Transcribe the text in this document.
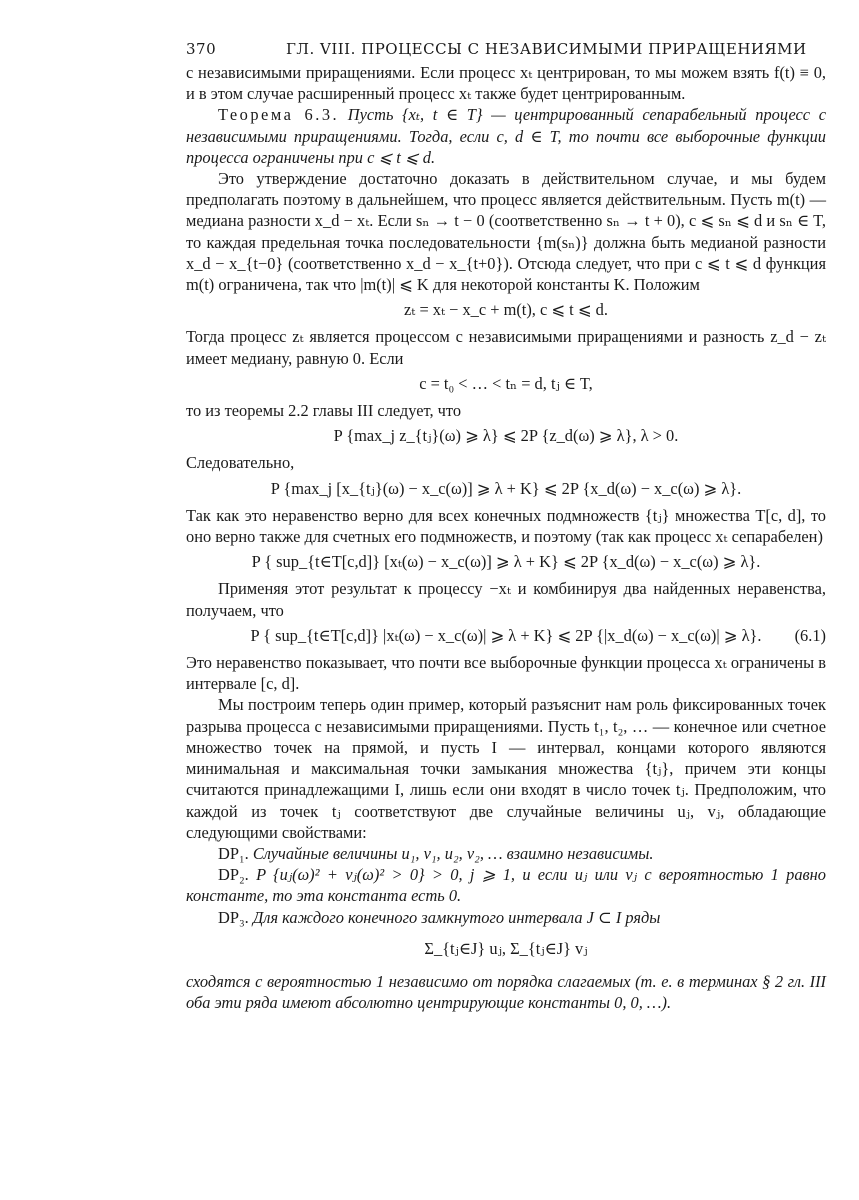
370	ГЛ. VIII. ПРОЦЕССЫ С НЕЗАВИСИМЫМИ ПРИРАЩЕНИЯМИ

с независимыми приращениями. Если процесс xₜ центрирован, то мы можем взять f(t) ≡ 0, и в этом случае расширенный процесс xₜ также будет центрированным.

Теорема 6.3. Пусть {xₜ, t ∈ T} — центрированный сепарабельный процесс с независимыми приращениями. Тогда, если c, d ∈ T, то почти все выборочные функции процесса ограничены при c ⩽ t ⩽ d.

Это утверждение достаточно доказать в действительном случае, и мы будем предполагать поэтому в дальнейшем, что процесс является действительным. Пусть m(t) — медиана разности x_d − xₜ. Если sₙ → t − 0 (соответственно sₙ → t + 0), c ⩽ sₙ ⩽ d и sₙ ∈ T, то каждая предельная точка последовательности {m(sₙ)} должна быть медианой разности x_d − x_{t−0} (соответственно x_d − x_{t+0}). Отсюда следует, что при c ⩽ t ⩽ d функция m(t) ограничена, так что |m(t)| ⩽ K для некоторой константы K. Положим

zₜ = xₜ − x_c + m(t), c ⩽ t ⩽ d.

Тогда процесс zₜ является процессом с независимыми приращениями и разность z_d − zₜ имеет медиану, равную 0. Если

c = t₀ < … < tₙ = d, tⱼ ∈ T,

то из теоремы 2.2 главы III следует, что

P {max_j z_{tⱼ}(ω) ⩾ λ} ⩽ 2P {z_d(ω) ⩾ λ}, λ > 0.

Следовательно,

P {max_j [x_{tⱼ}(ω) − x_c(ω)] ⩾ λ + K} ⩽ 2P {x_d(ω) − x_c(ω) ⩾ λ}.

Так как это неравенство верно для всех конечных подмножеств {tⱼ} множества T[c, d], то оно верно также для счетных его подмножеств, и поэтому (так как процесс xₜ сепарабелен)

P { sup_{t∈T[c,d]} [xₜ(ω) − x_c(ω)] ⩾ λ + K} ⩽ 2P {x_d(ω) − x_c(ω) ⩾ λ}.

Применяя этот результат к процессу −xₜ и комбинируя два найденных неравенства, получаем, что

P { sup_{t∈T[c,d]} |xₜ(ω) − x_c(ω)| ⩾ λ + K} ⩽ 2P {|x_d(ω) − x_c(ω)| ⩾ λ}. (6.1)

Это неравенство показывает, что почти все выборочные функции процесса xₜ ограничены в интервале [c, d].

Мы построим теперь один пример, который разъяснит нам роль фиксированных точек разрыва процесса с независимыми приращениями. Пусть t₁, t₂, … — конечное или счетное множество точек на прямой, и пусть I — интервал, концами которого являются минимальная и максимальная точки замыкания множества {tⱼ}, причем эти концы считаются принадлежащими I, лишь если они входят в число точек tⱼ. Предположим, что каждой из точек tⱼ соответствуют две случайные величины uⱼ, vⱼ, обладающие следующими свойствами:

DP₁. Случайные величины u₁, v₁, u₂, v₂, … взаимно независимы.

DP₂. P {uⱼ(ω)² + vⱼ(ω)² > 0} > 0, j ⩾ 1, и если uⱼ или vⱼ с вероятностью 1 равно константе, то эта константа есть 0.

DP₃. Для каждого конечного замкнутого интервала J ⊂ I ряды

Σ_{tⱼ∈J} uⱼ, Σ_{tⱼ∈J} vⱼ

сходятся с вероятностью 1 независимо от порядка слагаемых (т. е. в терминах § 2 гл. III оба эти ряда имеют абсолютно центрирующие константы 0, 0, …).
